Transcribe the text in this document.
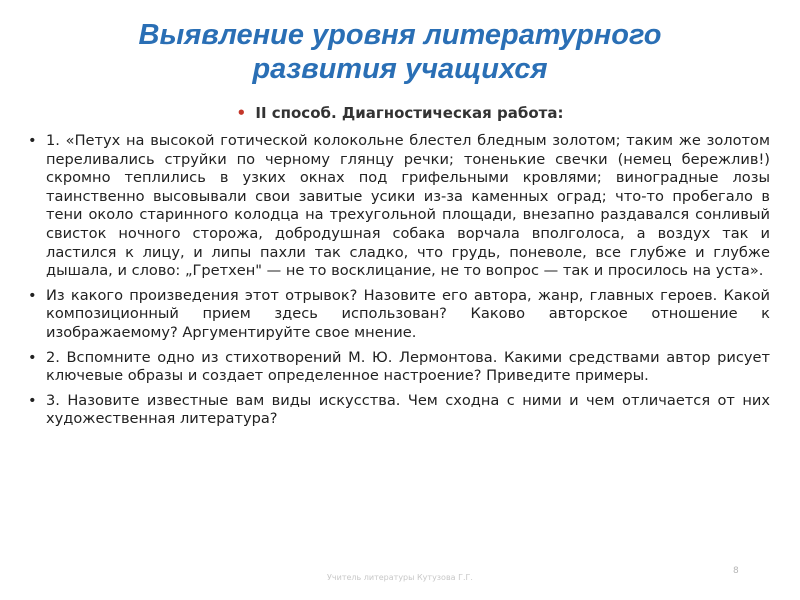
Выявление уровня литературного
развития учащихся
• II способ. Диагностическая работа:
• 1. «Петух на высокой готической колокольне блестел бледным золотом; таким же золотом переливались струйки по черному глянцу речки; тоненькие свечки (немец бережлив!) скромно теплились в узких окнах под грифельными кровлями; виноградные лозы таинственно высовывали свои завитые усики из-за каменных оград; что-то пробегало в тени около старинного колодца на трехугольной площади, внезапно раздавался сонливый свисток ночного сторожа, добродушная собака ворчала вполголоса, а воздух так и ластился к лицу, и липы пахли так сладко, что грудь, поневоле, все глубже и глубже дышала, и слово: „Гретхен" — не то восклицание, не то вопрос — так и просилось на уста».
• Из какого произведения этот отрывок? Назовите его автора, жанр, главных героев. Какой композиционный прием здесь использован? Каково авторское отношение к изображаемому? Аргументируйте свое мнение.
• 2. Вспомните одно из стихотворений М. Ю. Лермонтова. Какими средствами автор рисует ключевые образы и создает определенное настроение? Приведите примеры.
• 3. Назовите известные вам виды искусства. Чем сходна с ними и чем отличается от них художественная литература?
Учитель литературы Кутузова Г.Г.
8
